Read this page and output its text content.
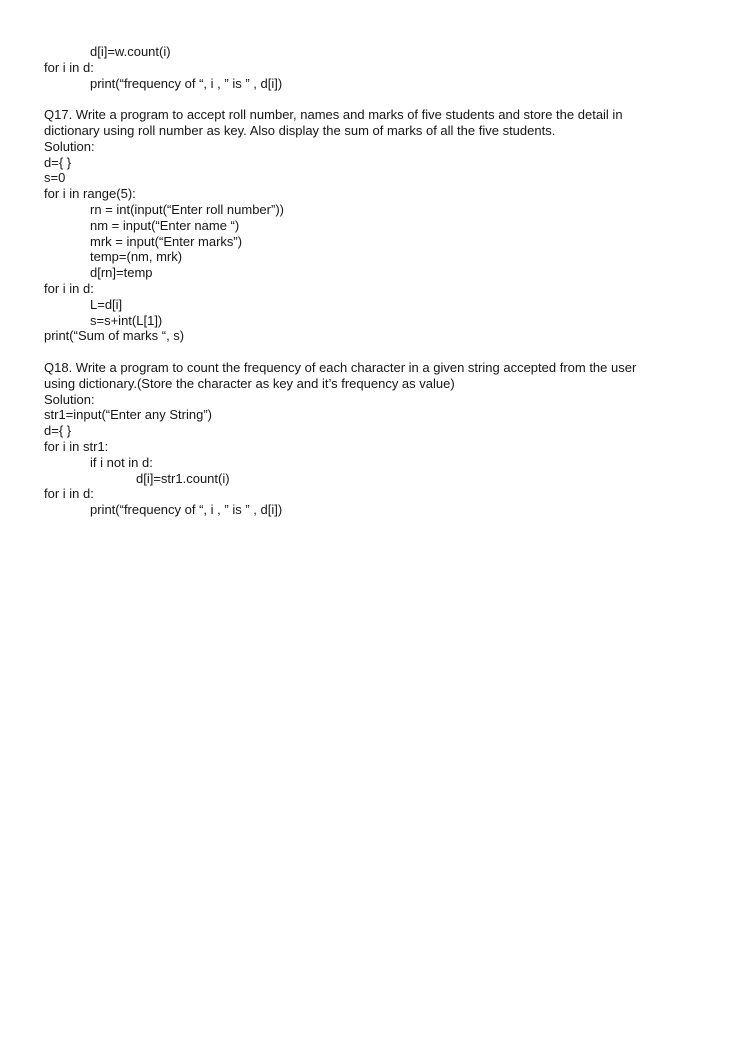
d[i]=w.count(i)
for i in d:
print(“frequency of “, i , ” is ” , d[i])
Q17. Write a program to accept roll number, names and marks of five students and store the detail in
dictionary using roll number as key. Also display the sum of marks of all the five students.
Solution:
d={ }
s=0
for i in range(5):
rn = int(input(“Enter roll number”))
nm = input(“Enter name “)
mrk = input(“Enter marks”)
temp=(nm, mrk)
d[rn]=temp
for i in d:
L=d[i]
s=s+int(L[1])
print(“Sum of marks “, s)
Q18. Write a program to count the frequency of each character in a given string accepted from the user
using dictionary.(Store the character as key and it’s frequency as value)
Solution:
str1=input(“Enter any String”)
d={ }
for i in str1:
if i not in d:
d[i]=str1.count(i)
for i in d:
print(“frequency of “, i , ” is ” , d[i])
